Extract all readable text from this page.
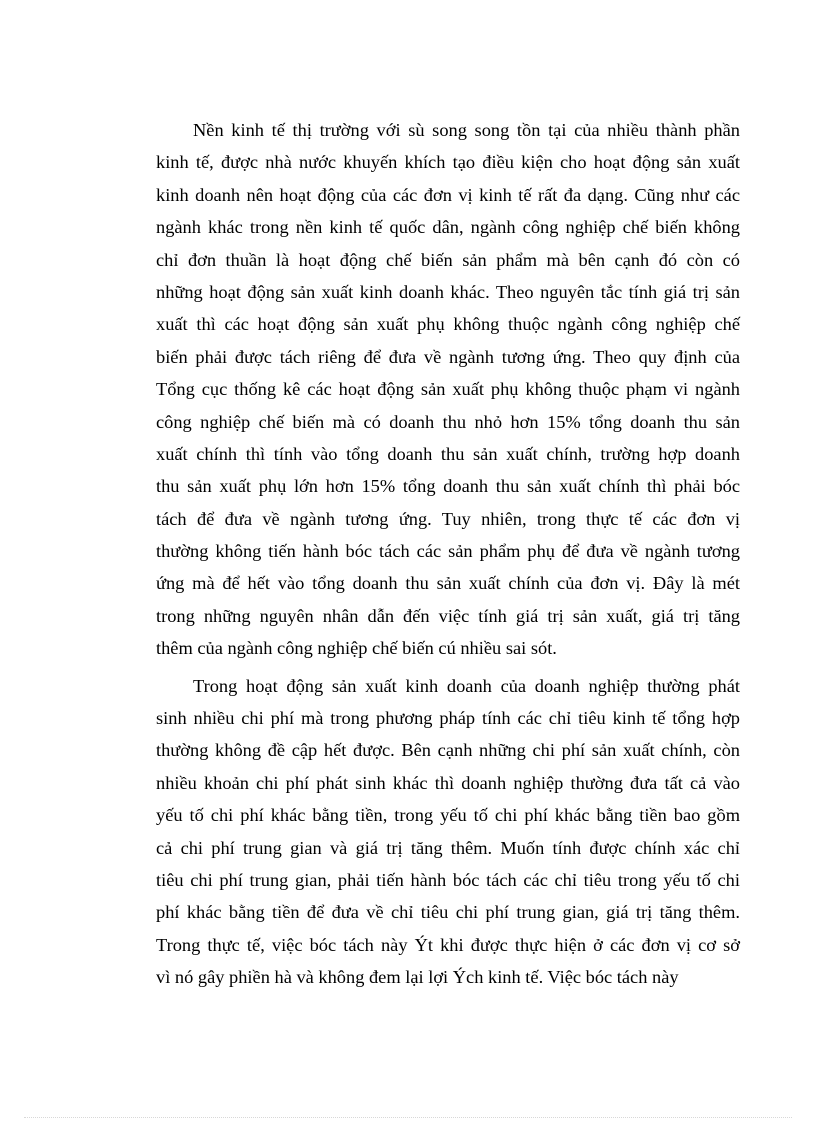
Nền kinh tế thị trường với sù song song tồn tại của nhiều thành phần
kinh tế, được nhà nước khuyến khích tạo điều kiện cho hoạt động sản xuất
kinh doanh nên hoạt động của các đơn vị kinh tế rất đa dạng. Cũng như các
ngành khác trong nền kinh tế quốc dân, ngành công nghiệp chế biến không
chỉ đơn thuần là hoạt động chế biến sản phẩm mà bên cạnh đó còn có
những hoạt động sản xuất kinh doanh khác. Theo nguyên tắc tính giá trị sản
xuất thì các hoạt động sản xuất phụ không thuộc ngành công nghiệp chế
biến phải được tách riêng để đưa về ngành tương ứng. Theo quy định của
Tổng cục thống kê các hoạt động sản xuất phụ không thuộc phạm vi ngành
công nghiệp chế biến mà có doanh thu nhỏ hơn 15% tổng doanh thu sản
xuất chính thì tính vào tổng doanh thu sản xuất chính, trường hợp doanh
thu sản xuất phụ lớn hơn 15% tổng doanh thu sản xuất chính thì phải bóc
tách để đưa về ngành tương ứng. Tuy nhiên, trong thực tế các đơn vị
thường không tiến hành bóc tách các sản phẩm phụ để đưa về ngành tương
ứng mà để hết vào tổng doanh thu sản xuất chính của đơn vị. Đây là mét
trong những nguyên nhân dẫn đến việc tính giá trị sản xuất, giá trị tăng
thêm của ngành công nghiệp chế biến cú nhiều sai sót.

Trong hoạt động sản xuất kinh doanh của doanh nghiệp thường phát
sinh nhiều chi phí mà trong phương pháp tính các chỉ tiêu kinh tế tổng hợp
thường không đề cập hết được. Bên cạnh những chi phí sản xuất chính, còn
nhiều khoản chi phí phát sinh khác thì doanh nghiệp thường đưa tất cả vào
yếu tố chi phí khác bằng tiền, trong yếu tố chi phí khác bằng tiền bao gồm
cả chi phí trung gian và giá trị tăng thêm. Muốn tính được chính xác chỉ
tiêu chi phí trung gian, phải tiến hành bóc tách các chỉ tiêu trong yếu tố chi
phí khác bằng tiền để đưa về chỉ tiêu chi phí trung gian, giá trị tăng thêm.
Trong thực tế, việc bóc tách này Ýt khi được thực hiện ở các đơn vị cơ sở
vì nó gây phiền hà và không đem lại lợi Ých kinh tế. Việc bóc tách này
